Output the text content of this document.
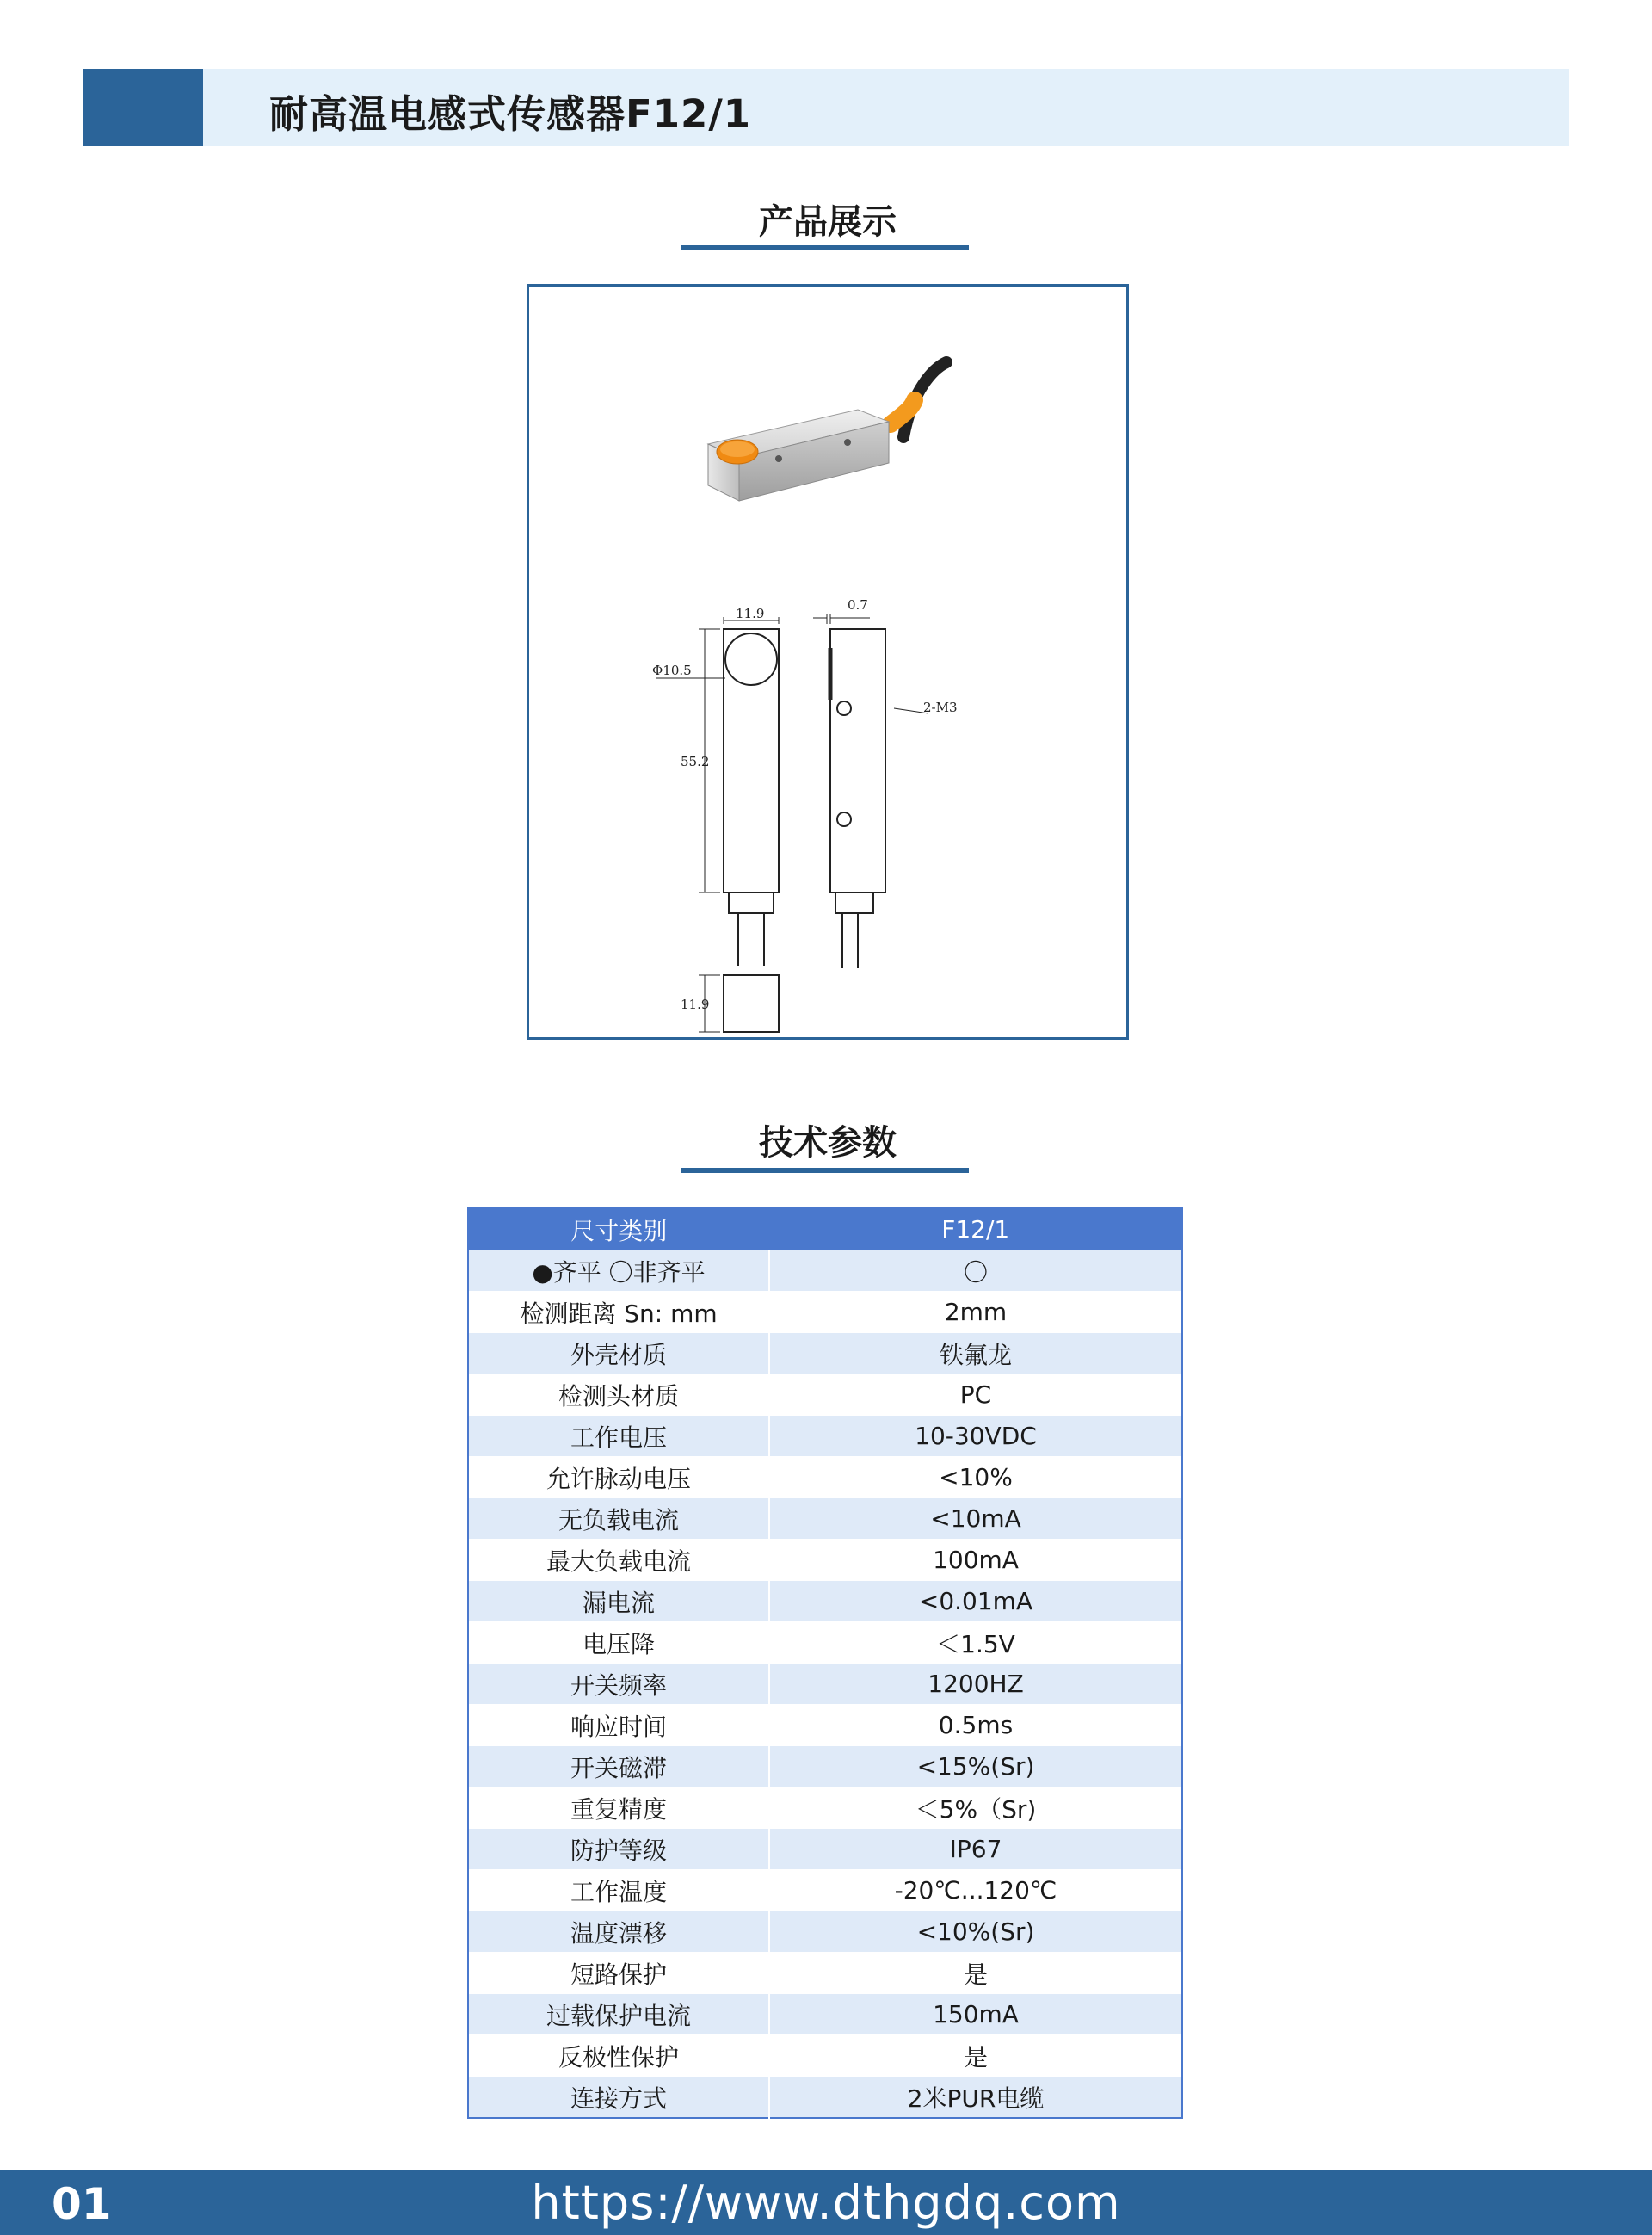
耐高温电感式传感器F12/1
产品展示
11.9
0.7
Φ10.5
55.2
2-M3
11.9
技术参数
尺寸类别	F12/1
●齐平 〇非齐平	〇
检测距离 Sn: mm	2mm
外壳材质	铁氟龙
检测头材质	PC
工作电压	10-30VDC
允许脉动电压	<10%
无负载电流	<10mA
最大负载电流	100mA
漏电流	<0.01mA
电压降	＜1.5V
开关频率	1200HZ
响应时间	0.5ms
开关磁滞	<15%(Sr)
重复精度	＜5%（Sr)
防护等级	IP67
工作温度	-20℃...120℃
温度漂移	<10%(Sr)
短路保护	是
过载保护电流	150mA
反极性保护	是
连接方式	2米PUR电缆
01	https://www.dthgdq.com
